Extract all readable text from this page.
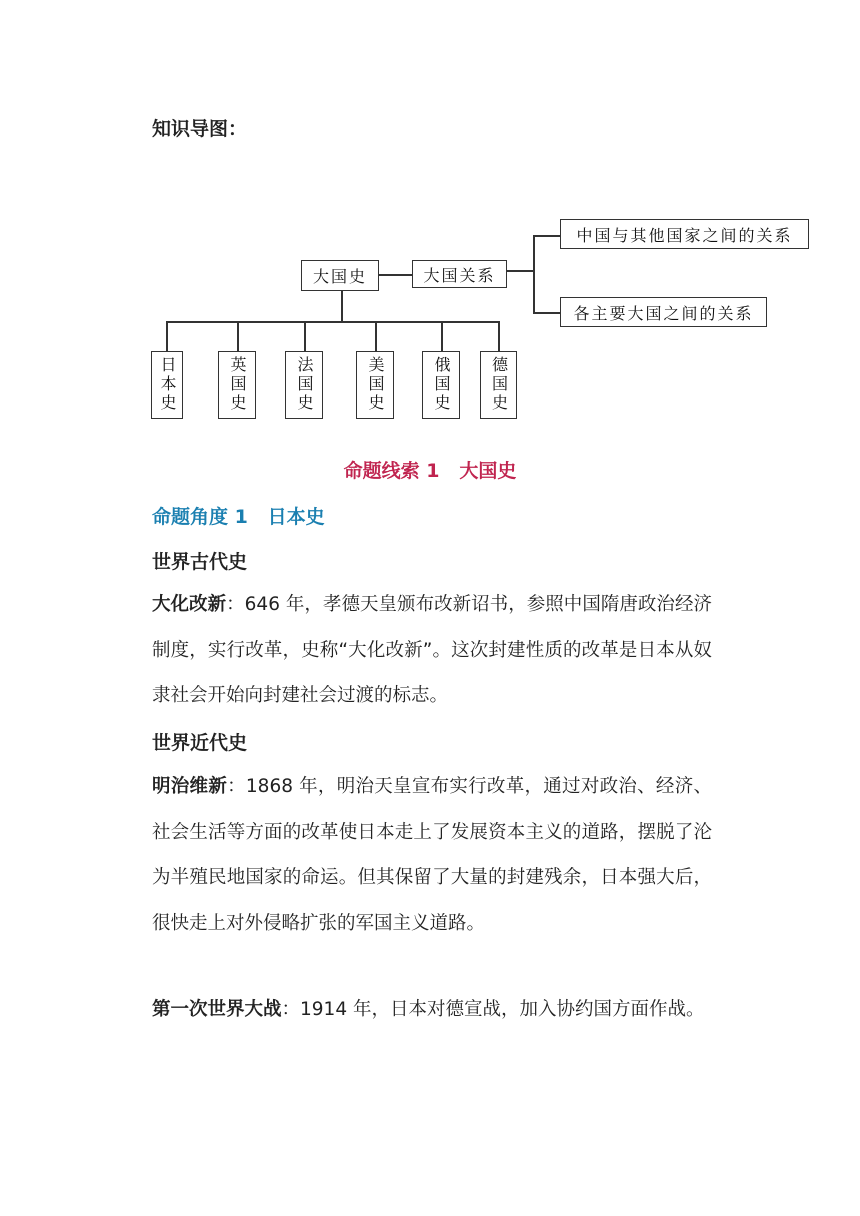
知识导图：
大国史	大国关系
中国与其他国家之间的关系
各主要大国之间的关系
日本史	英国史	法国史	美国史	俄国史	德国史
命题线索 1   大国史
命题角度 1   日本史
世界古代史
大化改新：646 年，孝德天皇颁布改新诏书，参照中国隋唐政治经济制度，实行改革，史称“大化改新”。这次封建性质的改革是日本从奴隶社会开始向封建社会过渡的标志。
世界近代史
明治维新：1868 年，明治天皇宣布实行改革，通过对政治、经济、社会生活等方面的改革使日本走上了发展资本主义的道路，摆脱了沦为半殖民地国家的命运。但其保留了大量的封建残余，日本强大后，很快走上对外侵略扩张的军国主义道路。
第一次世界大战：1914 年，日本对德宣战，加入协约国方面作战。
